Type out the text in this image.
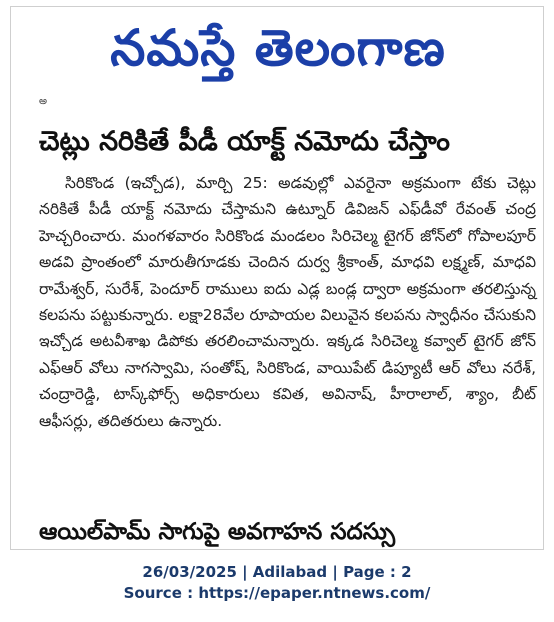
నమస్తే తెలంగాణ
అ
చెట్లు నరికితే పీడీ యాక్ట్ నమోదు చేస్తాం

సిరికొండ (ఇచ్చోడ), మార్చి 25: అడవుల్లో ఎవరైనా అక్రమంగా టేకు చెట్లు నరికితే పీడీ యాక్ట్ నమోదు చేస్తామని ఉట్నూర్ డివిజన్ ఎఫ్‌డీవో రేవంత్ చంద్ర హెచ్చరించారు. మంగళవారం సిరికొండ మండలం సిరిచెల్మ టైగర్ జోన్‌లో గోపాలపూర్ అడవి ప్రాంతంలో మారుతీగూడకు చెందిన దుర్వ శ్రీకాంత్, మాధవి లక్ష్మణ్, మాధవి రామేశ్వర్, సురేశ్, పెందూర్ రాములు ఐదు ఎడ్ల బండ్ల ద్వారా అక్రమంగా తరలిస్తున్న కలపను పట్టుకున్నారు. లక్షా28వేల రూపాయల విలువైన కలపను స్వాధీనం చేసుకుని ఇచ్చోడ అటవీశాఖ డిపోకు తరలించామన్నారు. ఇక్కడ సిరిచెల్మ కవ్వాల్ టైగర్ జోన్ ఎఫ్ఆర్ వోలు నాగస్వామి, సంతోష్, సిరికొండ, వాయిపేట్ డిప్యూటీ ఆర్ వోలు నరేశ్, చంద్రారెడ్డి, టాస్క్‌ఫోర్స్ అధికారులు కవిత, అవినాష్, హీరాలాల్, శ్యాం, బీట్ ఆఫీసర్లు, తదితరులు ఉన్నారు.

ఆయిల్‌పామ్ సాగుపై అవగాహన సదస్సు
26/03/2025 | Adilabad | Page : 2
Source : https://epaper.ntnews.com/
